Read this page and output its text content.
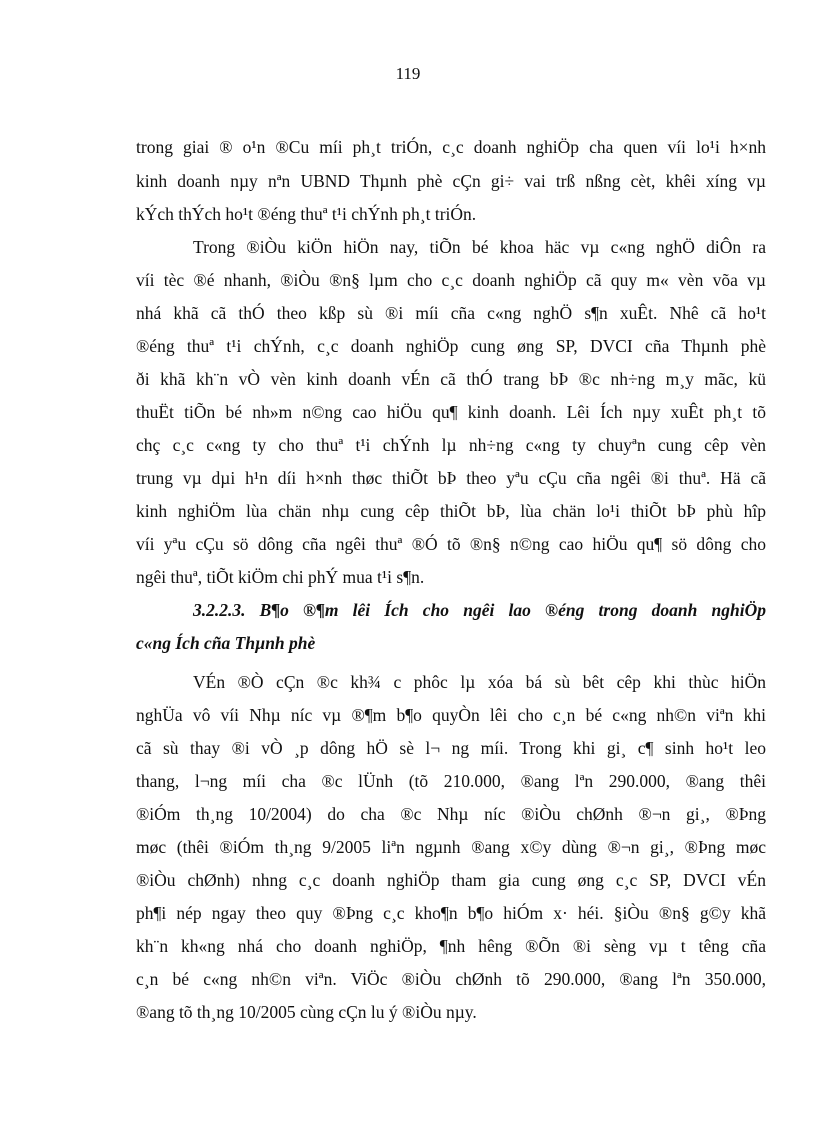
119
trong giai ® o¹n ®Cu míi ph¸t triÓn, c¸c doanh nghiÖp cha quen víi lo¹i h×nh
kinh doanh nµy nªn UBND Thµnh phè cÇn gi÷ vai trß nßng cèt, khêi xíng vµ
kÝch thÝch ho¹t ®éng thuª t¹i chÝnh ph¸t triÓn.
Trong ®iÒu kiÖn hiÖn nay, tiÕn bé khoa häc vµ c«ng nghÖ diÔn ra
víi tèc ®é nhanh, ®iÒu ®n§ lµm cho c¸c doanh nghiÖp cã quy m« vèn võa vµ
nhá khã cã thÓ theo kßp sù ®i míi cña c«ng nghÖ s¶n xuÊt. Nhê cã ho¹t
®éng thuª t¹i chÝnh, c¸c doanh nghiÖp cung øng SP, DVCI cña Thµnh phè
ði khã kh¨n vÒ vèn kinh doanh vÉn cã thÓ trang bÞ ®c nh÷ng m¸y mãc, kü
thuËt tiÕn bé nh»m n©ng cao hiÖu qu¶ kinh doanh. Lêi Ích nµy xuÊt ph¸t tõ
chç c¸c c«ng ty cho thuª t¹i chÝnh lµ nh÷ng c«ng ty chuyªn cung cêp vèn
trung vµ dµi h¹n díi h×nh thøc thiÕt bÞ theo yªu cÇu cña ngêi ®i thuª. Hä cã
kinh nghiÖm lùa chän nhµ cung cêp thiÕt bÞ, lùa chän lo¹i thiÕt bÞ phù hîp
víi yªu cÇu sö dông cña ngêi thuª ®Ó tõ ®n§ n©ng cao hiÖu qu¶ sö dông cho
ngêi thuª, tiÕt kiÖm chi phÝ mua t¹i s¶n.
3.2.2.3. B¶o ®¶m lêi Ích cho ngêi lao ®éng trong doanh nghiÖp
c«ng Ích cña Thµnh phè
VÉn ®Ò cÇn ®c kh¾ c phôc lµ xóa bá sù bêt cêp khi thùc hiÖn
nghÜa vô víi Nhµ níc vµ ®¶m b¶o quyÒn lêi cho c¸n bé c«ng nh©n viªn khi
cã sù thay ®i vÒ ¸p dông hÖ sè l¬ ng míi. Trong khi gi¸ c¶ sinh ho¹t leo
thang, l¬ng míi cha ®c lÜnh (tõ 210.000, ®ang lªn 290.000, ®ang thêi
®iÓm th¸ng 10/2004) do cha ®c Nhµ níc ®iÒu chØnh ®¬n gi¸, ®Þng
møc (thêi ®iÓm th¸ng 9/2005 liªn ngµnh ®ang x©y dùng ®¬n gi¸, ®Þng møc
®iÒu chØnh) nhng c¸c doanh nghiÖp tham gia cung øng c¸c SP, DVCI vÉn
ph¶i nép ngay theo quy ®Þng c¸c kho¶n b¶o hiÓm x· héi. §iÒu ®n§ g©y khã
kh¨n kh«ng nhá cho doanh nghiÖp, ¶nh hêng ®Õn ®i sèng vµ t têng cña
c¸n bé c«ng nh©n viªn. ViÖc ®iÒu chØnh tõ 290.000, ®ang lªn 350.000,
®ang tõ th¸ng 10/2005 cùng cÇn lu ý ®iÒu nµy.
